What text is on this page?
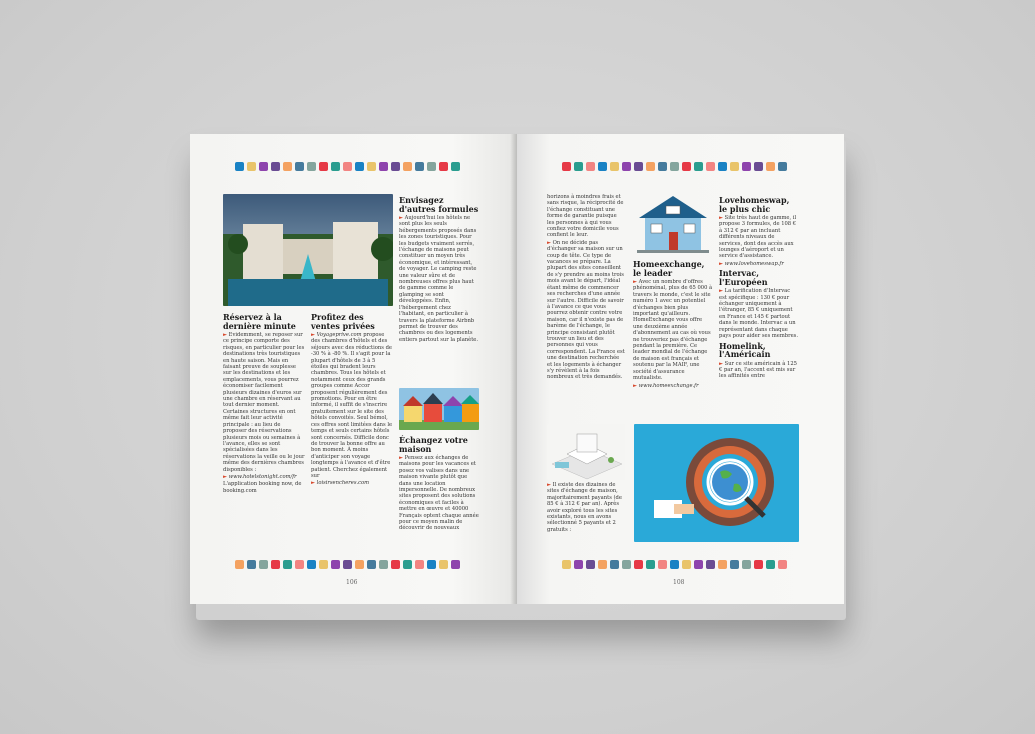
Réservez à la dernière minute

► Evidemment, se reposer sur ce principe comporte des risques, en particulier pour les destinations très touristiques en haute saison. Mais en faisant preuve de souplesse sur les destinations et les emplacements, vous pourrez économiser facilement plusieurs dizaines d'euros sur une chambre en réservant au tout dernier moment. Certaines structures en ont même fait leur activité principale : au lieu de proposer des réservations plusieurs mois ou semaines à l'avance, elles se sont spécialisées dans les réservations la veille ou le jour même des dernières chambres disponibles :

► www.hotelstonight.com/fr

L'application booking now, de booking.com

Profitez des ventes privées

► Voyageprive.com propose des chambres d'hôtels et des séjours avec des réductions de -30 % à -80 %. Il s'agit pour la plupart d'hôtels de 3 à 5 étoiles qui bradent leurs chambres. Tous les hôtels et notamment ceux des grands groupes comme Accor proposent régulièrement des promotions. Pour en être informé, il suffit de s'inscrire gratuitement sur le site des hôtels convoités. Seul bémol, ces offres sont limitées dans le temps et seuls certains hôtels sont concernés. Difficile donc de trouver la bonne offre au bon moment. À moins d'anticiper son voyage longtemps à l'avance et d'être patient. Cherchez également sur

► loisirsencheres.com

Envisagez d'autres formules

► Aujourd'hui les hôtels ne sont plus les seuls hébergements proposés dans les zones touristiques. Pour les budgets vraiment serrés, l'échange de maisons peut constituer un moyen très économique, et intéressant, de voyager. Le camping reste une valeur sûre et de nombreuses offres plus haut de gamme comme le glamping se sont développées. Enfin, l'hébergement chez l'habitant, en particulier à travers la plateforme Airbnb permet de trouver des chambres ou des logements entiers partout sur la planète.

Échangez votre maison

► Pensez aux échanges de maisons pour les vacances et posez vos valises dans une maison vivante plutôt que dans une location impersonnelle. De nombreux sites proposent des solutions économiques et faciles à mettre en œuvre et 40000 Français optent chaque année pour ce moyen malin de découvrir de nouveaux

106

horizons à moindres frais et sans risque, la réciprocité de l'échange constituant une forme de garantie puisque les personnes à qui vous confiez votre domicile vous confient le leur.

► On ne décide pas d'échanger sa maison sur un coup de tête. Ce type de vacances se prépare. La plupart des sites conseillent de s'y prendre au moins trois mois avant le départ, l'idéal étant même de commencer ses recherches d'une année sur l'autre. Difficile de savoir à l'avance ce que vous pourrez obtenir contre votre maison, car il n'existe pas de barème de l'échange, le principe consistant plutôt trouver un lieu et des personnes qui vous correspondent. La France est une destination recherchée et les logements à échanger s'y révèlent à la fois nombreux et très demandés.

► Il existe des dizaines de sites d'échange de maison, majoritairement payants (de 85 € à 312 € par an). Après avoir exploré tous les sites existants, nous en avons sélectionné 5 payants et 2 gratuits :

Homeexchange, le leader

► Avec un nombre d'offres phénoménal, plus de 65 000 à travers le monde, c'est le site numéro 1 avec un potentiel d'échanges bien plus important qu'ailleurs. HomeExchange vous offre une deuxième année d'abonnement au cas où vous ne trouveriez pas d'échange pendant la première. Ce leader mondial de l'échange de maison est français et soutenu par la MAIF, une société d'assurance mutualiste.

► www.homeexchange.fr

Lovehomeswap, le plus chic

► Site très haut de gamme, il propose 3 formules, de 108 € à 312 € par an incluant différents niveaux de services, dont des accès aux lounges d'aéroport et un service d'assistance.

► www.lovehomeswap.fr

Intervac, l'Européen

► La tarification d'Intervac est spécifique : 130 € pour échanger uniquement à l'étranger, 85 € uniquement en France et 145 € partout dans le monde. Intervac a un représentant dans chaque pays pour aider ses membres.

Homelink, l'Américain

► Sur ce site américain à 125 € par an, l'accent est mis sur les affinités entre

108
